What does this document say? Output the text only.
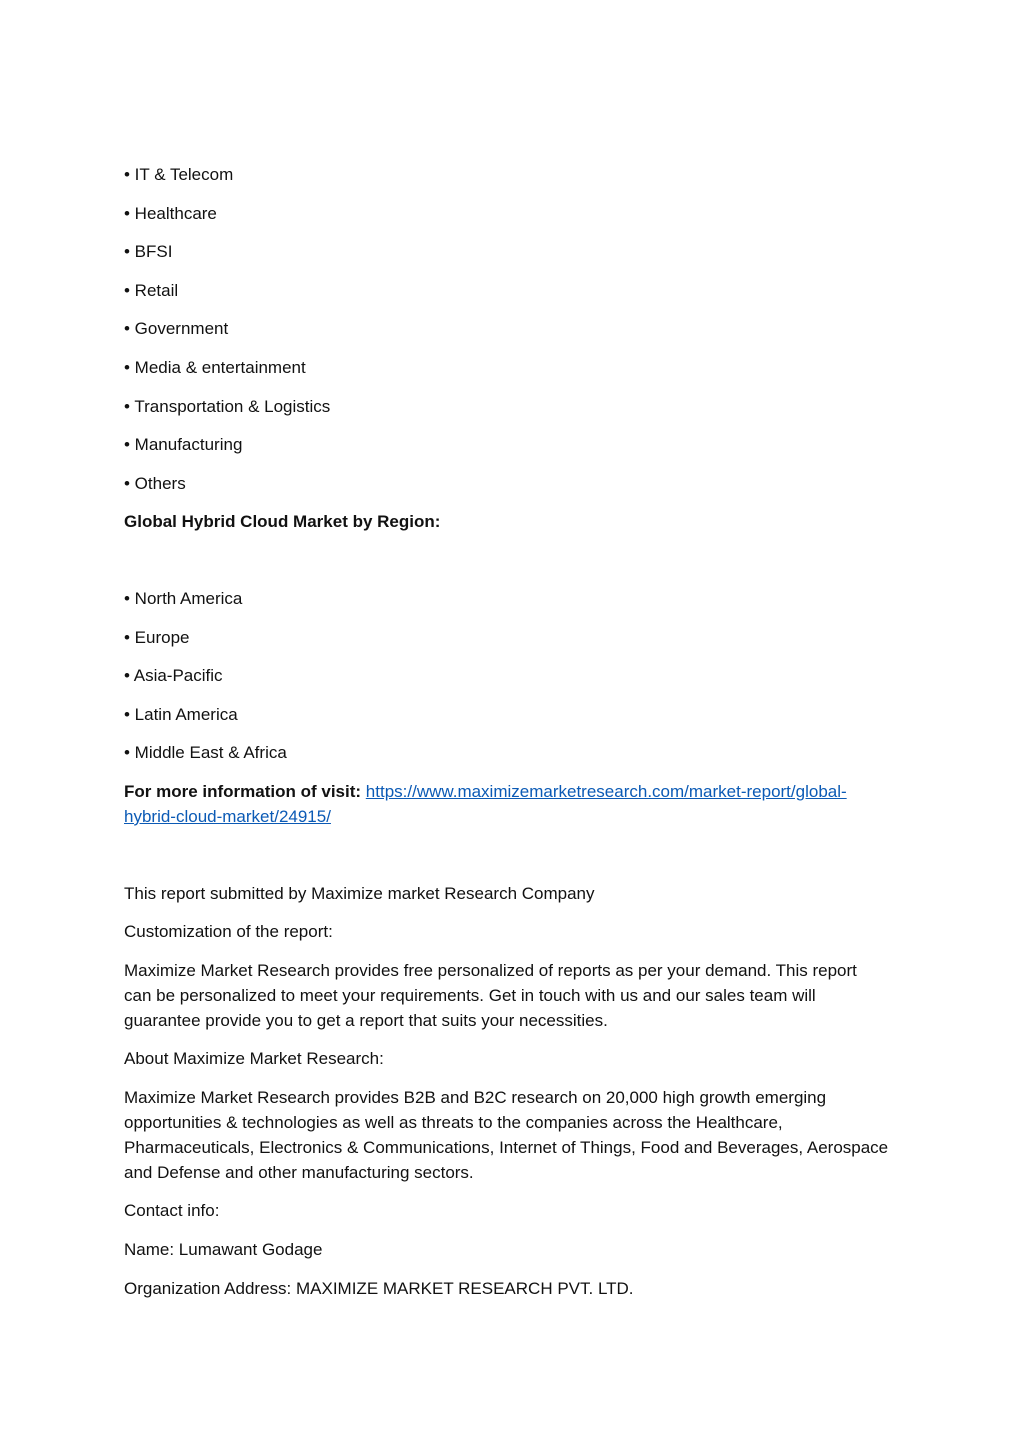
• IT & Telecom
• Healthcare
• BFSI
• Retail
• Government
• Media & entertainment
• Transportation & Logistics
• Manufacturing
• Others
Global Hybrid Cloud Market by Region:
• North America
• Europe
• Asia-Pacific
• Latin America
• Middle East & Africa
For more information of visit: https://www.maximizemarketresearch.com/market-report/global-
hybrid-cloud-market/24915/
This report submitted by Maximize market Research Company
Customization of the report:
Maximize Market Research provides free personalized of reports as per your demand. This report
can be personalized to meet your requirements. Get in touch with us and our sales team will
guarantee provide you to get a report that suits your necessities.
About Maximize Market Research:
Maximize Market Research provides B2B and B2C research on 20,000 high growth emerging
opportunities & technologies as well as threats to the companies across the Healthcare,
Pharmaceuticals, Electronics & Communications, Internet of Things, Food and Beverages, Aerospace
and Defense and other manufacturing sectors.
Contact info:
Name: Lumawant Godage
Organization Address: MAXIMIZE MARKET RESEARCH PVT. LTD.
